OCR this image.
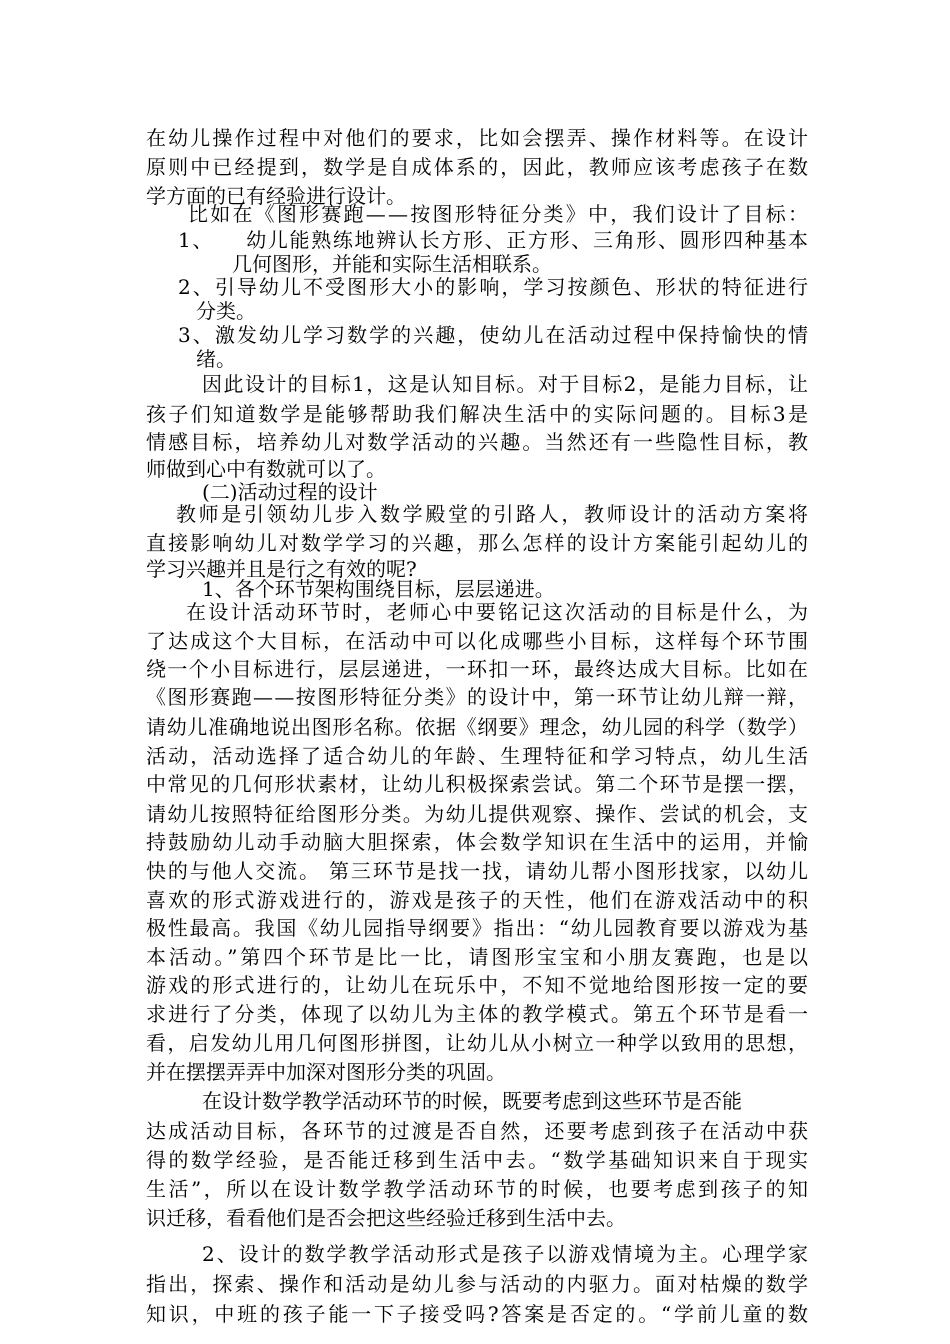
在幼儿操作过程中对他们的要求，比如会摆弄、操作材料等。在设计

原则中已经提到，数学是自成体系的，因此，教师应该考虑孩子在数

学方面的已有经验进行设计。

比如在《图形赛跑——按图形特征分类》中，我们设计了目标：

1、    幼儿能熟练地辨认长方形、正方形、三角形、圆形四种基本

几何图形，并能和实际生活相联系。

2、引导幼儿不受图形大小的影响，学习按颜色、形状的特征进行

分类。

3、激发幼儿学习数学的兴趣，使幼儿在活动过程中保持愉快的情

绪。

因此设计的目标1，这是认知目标。对于目标2，是能力目标，让

孩子们知道数学是能够帮助我们解决生活中的实际问题的。目标3是

情感目标，培养幼儿对数学活动的兴趣。当然还有一些隐性目标，教

师做到心中有数就可以了。

(二)活动过程的设计

教师是引领幼儿步入数学殿堂的引路人，教师设计的活动方案将

直接影响幼儿对数学学习的兴趣，那么怎样的设计方案能引起幼儿的

学习兴趣并且是行之有效的呢?

1、各个环节架构围绕目标，层层递进。

在设计活动环节时，老师心中要铭记这次活动的目标是什么，为

了达成这个大目标，在活动中可以化成哪些小目标，这样每个环节围

绕一个小目标进行，层层递进，一环扣一环，最终达成大目标。比如在

《图形赛跑——按图形特征分类》的设计中，第一环节让幼儿辩一辩，

请幼儿准确地说出图形名称。依据《纲要》理念，幼儿园的科学（数学）

活动，活动选择了适合幼儿的年龄、生理特征和学习特点，幼儿生活

中常见的几何形状素材，让幼儿积极探索尝试。第二个环节是摆一摆，

请幼儿按照特征给图形分类。为幼儿提供观察、操作、尝试的机会，支

持鼓励幼儿动手动脑大胆探索，体会数学知识在生活中的运用，并愉

快的与他人交流。 第三环节是找一找，请幼儿帮小图形找家，以幼儿

喜欢的形式游戏进行的，游戏是孩子的天性，他们在游戏活动中的积

极性最高。我国《幼儿园指导纲要》指出：“幼儿园教育要以游戏为基

本活动。”第四个环节是比一比，请图形宝宝和小朋友赛跑，也是以

游戏的形式进行的，让幼儿在玩乐中，不知不觉地给图形按一定的要

求进行了分类，体现了以幼儿为主体的教学模式。第五个环节是看一

看，启发幼儿用几何图形拼图，让幼儿从小树立一种学以致用的思想，

并在摆摆弄弄中加深对图形分类的巩固。

在设计数学教学活动环节的时候，既要考虑到这些环节是否能

达成活动目标，各环节的过渡是否自然，还要考虑到孩子在活动中获

得的数学经验，是否能迁移到生活中去。“数学基础知识来自于现实

生活”，所以在设计数学教学活动环节的时候，也要考虑到孩子的知

识迁移，看看他们是否会把这些经验迁移到生活中去。

2、设计的数学教学活动形式是孩子以游戏情境为主。心理学家

指出，探索、操作和活动是幼儿参与活动的内驱力。面对枯燥的数学

知识，中班的孩子能一下子接受吗?答案是否定的。“学前儿童的数
